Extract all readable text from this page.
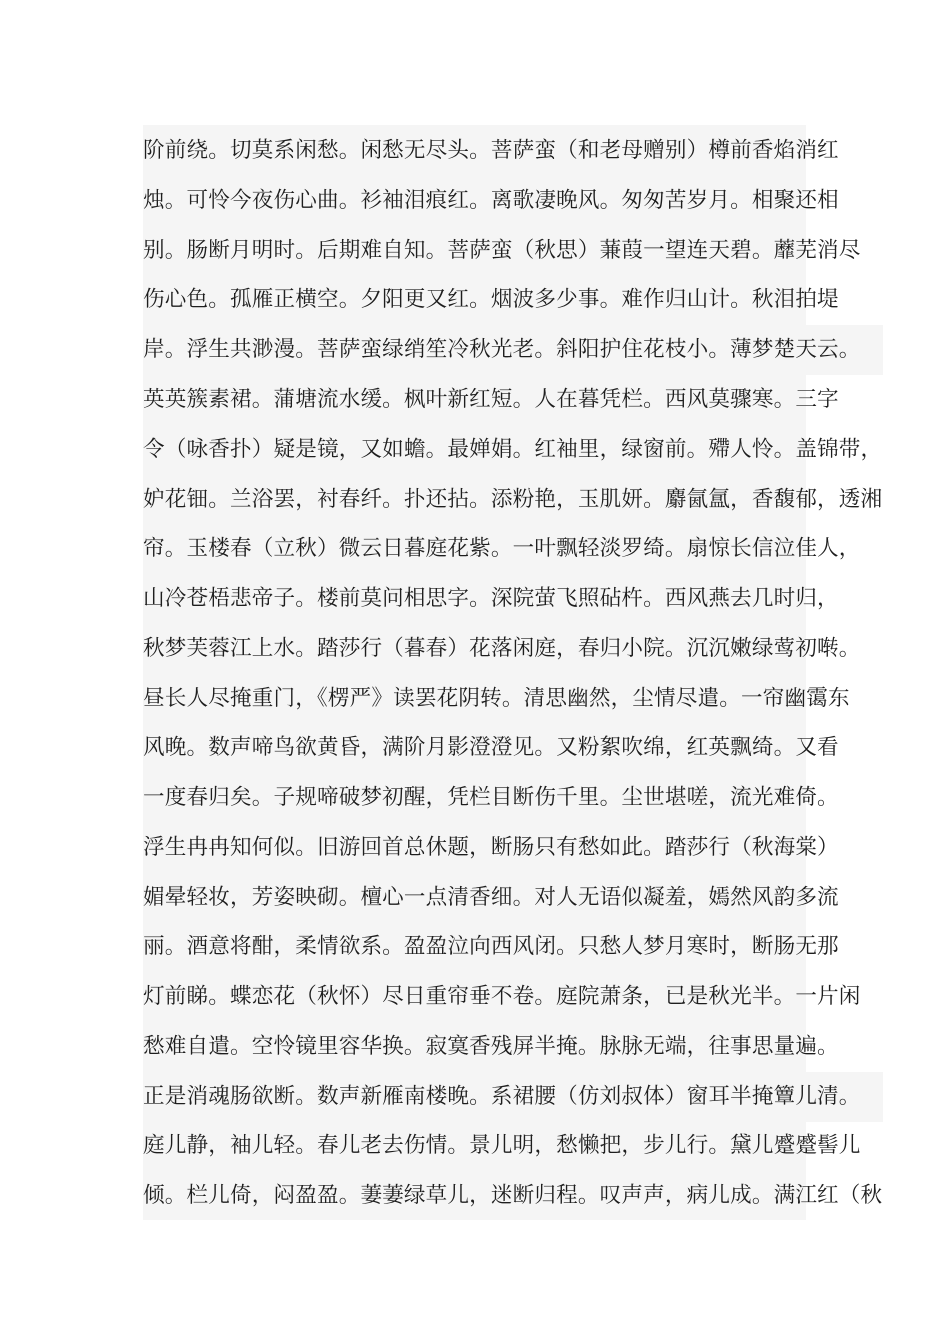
阶前绕。切莫系闲愁。闲愁无尽头。菩萨蛮（和老母赠别）樽前香焰消红
烛。可怜今夜伤心曲。衫袖泪痕红。离歌凄晚风。匆匆苦岁月。相聚还相
别。肠断月明时。后期难自知。菩萨蛮（秋思）蒹葭一望连天碧。蘼芜消尽
伤心色。孤雁正横空。夕阳更又红。烟波多少事。难作归山计。秋泪拍堤
岸。浮生共渺漫。菩萨蛮绿绡笙冷秋光老。斜阳护住花枝小。薄梦楚天云。
英英簇素裙。蒲塘流水缓。枫叶新红短。人在暮凭栏。西风莫骤寒。三字
令（咏香扑）疑是镜，又如蟾。最婵娟。红袖里，绿窗前。殢人怜。盖锦带，
妒花钿。兰浴罢，衬春纤。扑还拈。添粉艳，玉肌妍。麝氤氲，香馥郁，透湘
帘。玉楼春（立秋）微云日暮庭花紫。一叶飘轻淡罗绮。扇惊长信泣佳人，
山冷苍梧悲帝子。楼前莫问相思字。深院萤飞照砧杵。西风燕去几时归，
秋梦芙蓉江上水。踏莎行（暮春）花落闲庭，春归小院。沉沉嫩绿莺初啭。
昼长人尽掩重门，《楞严》读罢花阴转。清思幽然，尘情尽遣。一帘幽霭东
风晚。数声啼鸟欲黄昏，满阶月影澄澄见。又粉絮吹绵，红英飘绮。又看
一度春归矣。子规啼破梦初醒，凭栏目断伤千里。尘世堪嗟，流光难倚。
浮生冉冉知何似。旧游回首总休题，断肠只有愁如此。踏莎行（秋海棠）
媚晕轻妆，芳姿映砌。檀心一点清香细。对人无语似凝羞，嫣然风韵多流
丽。酒意将酣，柔情欲系。盈盈泣向西风闭。只愁人梦月寒时，断肠无那
灯前睇。蝶恋花（秋怀）尽日重帘垂不卷。庭院萧条，已是秋光半。一片闲
愁难自遣。空怜镜里容华换。寂寞香残屏半掩。脉脉无端，往事思量遍。
正是消魂肠欲断。数声新雁南楼晚。系裙腰（仿刘叔体）窗耳半掩簟儿清。
庭儿静，袖儿轻。春儿老去伤情。景儿明，愁懒把，步儿行。黛儿蹙蹙髻儿
倾。栏儿倚，闷盈盈。萋萋绿草儿，迷断归程。叹声声，病儿成。满江红（秋
